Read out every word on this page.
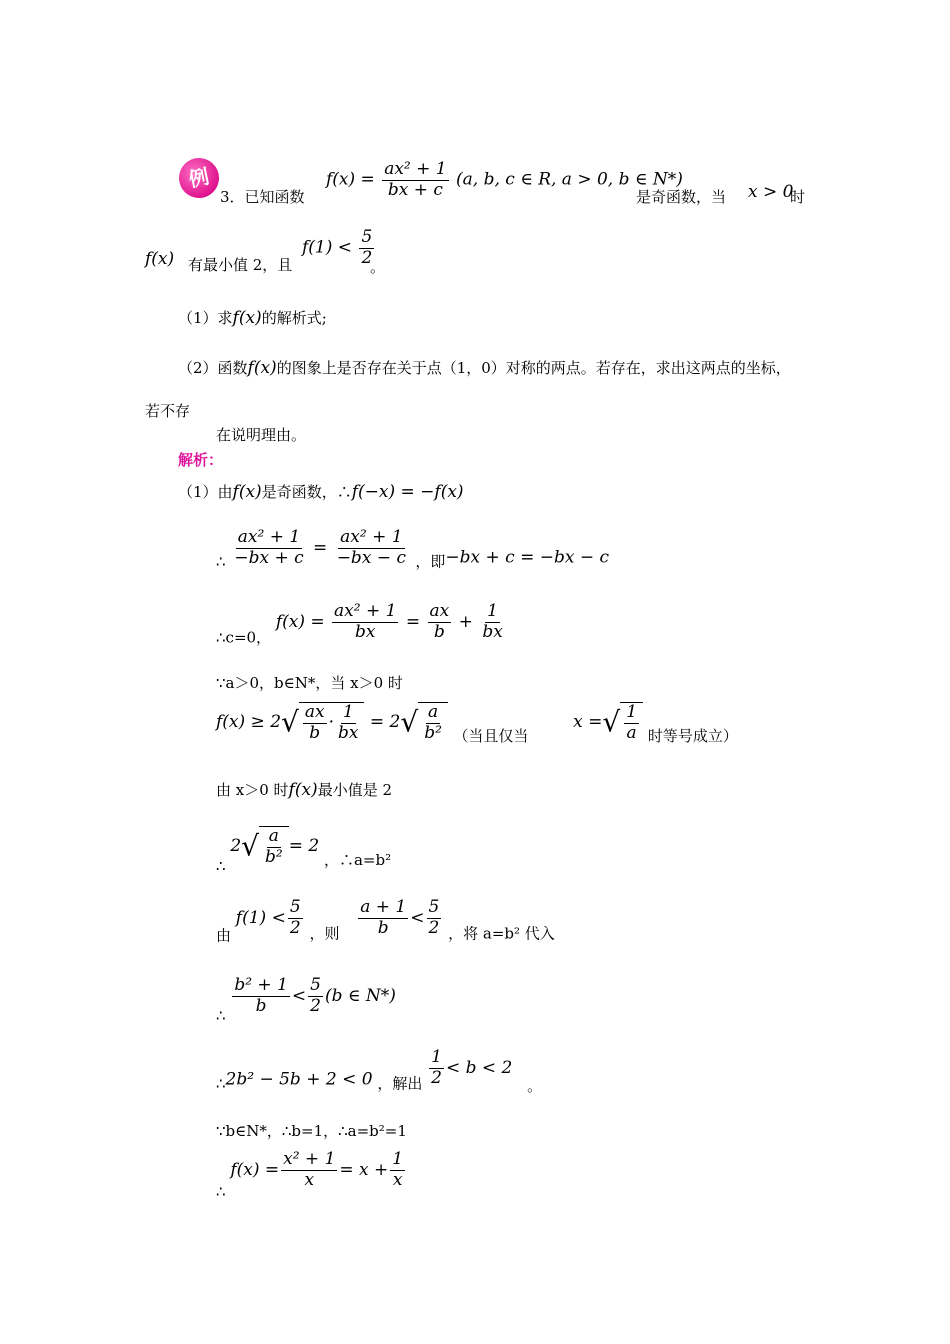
例
3．已知函数
$f(x) = \frac{\text{ax² + 1}}{bx + c} (a$, b, c ∈ R, a > 0, b ∈ N*)
是奇函数，当 x > 0
时
f(x) 有最小值 2，且
$f(1) < \frac{5}{2}$
。
（1）求f(x)的解析式;
（2）函数f(x)的图象上是否存在关于点（1，0）对称的两点。若存在，求出这两点的坐标，
若不存
在说明理由。
解析：
（1）由f(x)是奇函数，∴f(−x) = −f(x)
∴ $\frac{\text{ax² + 1}}{-bx + c} = \frac{\text{ax² + 1}}{-bx - c}$ ，即−bx + c = −bx − c
∴c=0， $f(x) = \frac{\text{ax² + 1}}{bx} = \frac{ax}{b} + \frac{1}{bx}$
∵a＞0，b∈N*，当 x＞0 时
$f(x) \ge 2√ \frac{ax}{b} \cdot \frac{1}{bx} = 2√ \frac{a}{\text{b²}}$ （当且仅当 x =√ $\frac{1}{a}$ 时等号成立）
由 x＞0 时f(x)最小值是 2
∴ $2√ \frac{a}{\text{b²}} = 2$ ，∴a=b²
由 $f(1) < \frac{5}{2}$ ，则 $\frac{a + 1}{b} < \frac{5}{2}$ ，将 a=b² 代入
∴ $\frac{\text{b² + 1}}{b} < \frac{5}{2} (b$ ∈ N*)
∴2b² − 5b + 2 < 0 ，解出 $\frac{1}{2} < b < 2$ 。
∵b∈N*，∴b=1，∴a=b²=1
∴ $f(x) = \frac{\text{x² + 1}}{x} = x + \frac{1}{x}$
